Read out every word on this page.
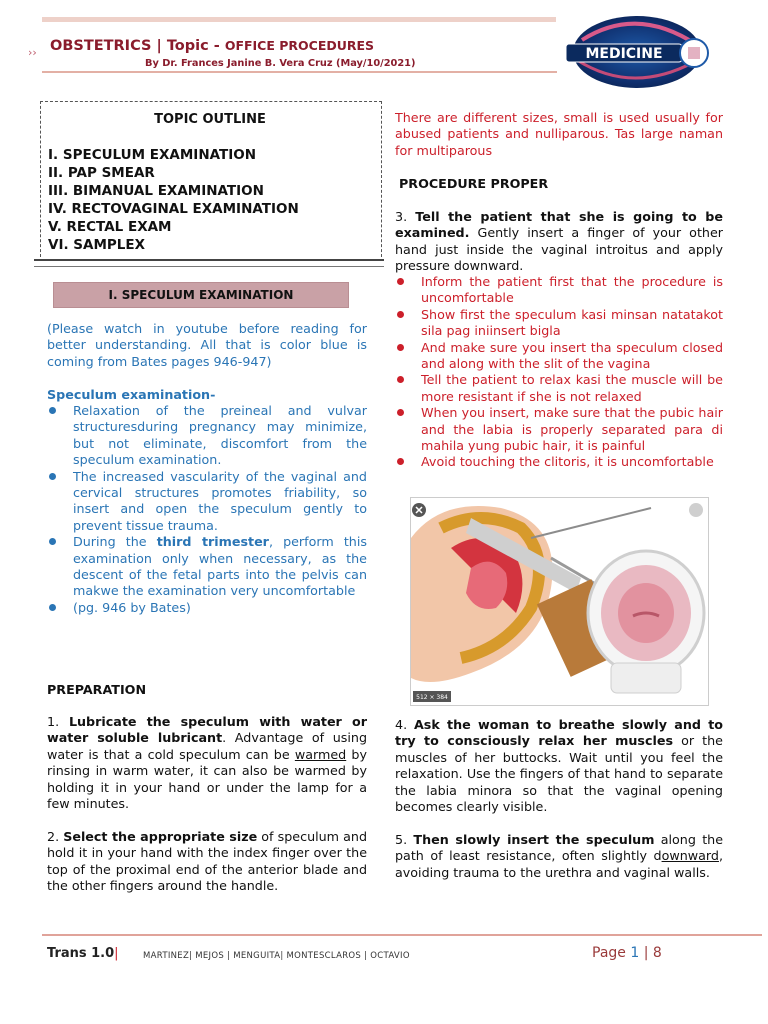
›› OBSTETRICS | Topic - OFFICE PROCEDURES
By Dr. Frances Janine B. Vera Cruz (May/10/2021)
MEDICINE
TOPIC OUTLINE
I. SPECULUM EXAMINATION
II. PAP SMEAR
III. BIMANUAL EXAMINATION
IV. RECTOVAGINAL EXAMINATION
V. RECTAL EXAM
VI. SAMPLEX
I. SPECULUM EXAMINATION
(Please watch in youtube before reading for better understanding. All that is color blue is coming from Bates pages 946-947)
Speculum examination-
Relaxation of the preineal and vulvar structuresduring pregnancy may minimize, but not eliminate, discomfort from the speculum examination.
The increased vascularity of the vaginal and cervical structures promotes friability, so insert and open the speculum gently to prevent tissue trauma.
During the third trimester, perform this examination only when necessary, as the descent of the fetal parts into the pelvis can makwe the examination very uncomfortable
(pg. 946 by Bates)
PREPARATION
1. Lubricate the speculum with water or water soluble lubricant. Advantage of using water is that a cold speculum can be warmed by rinsing in warm water, it can also be warmed by holding it in your hand or under the lamp for a few minutes.
2. Select the appropriate size of speculum and hold it in your hand with the index finger over the top of the proximal end of the anterior blade and the other fingers around the handle.
There are different sizes, small is used usually for abused patients and nulliparous. Tas large naman for multiparous
PROCEDURE PROPER
3. Tell the patient that she is going to be examined. Gently insert a finger of your other hand just inside the vaginal introitus and apply pressure downward.
Inform the patient first that the procedure is uncomfortable
Show first the speculum kasi minsan natatakot sila pag iniinsert bigla
And make sure you insert tha speculum closed and along with the slit of the vagina
Tell the patient to relax kasi the muscle will be more resistant if she is not relaxed
When you insert, make sure that the pubic hair and the labia is properly separated para di mahila yung pubic hair, it is painful
Avoid touching the clitoris, it is uncomfortable
512 × 384
4. Ask the woman to breathe slowly and to try to consciously relax her muscles or the muscles of her buttocks. Wait until you feel the relaxation. Use the fingers of that hand to separate the labia minora so that the vaginal opening becomes clearly visible.
5. Then slowly insert the speculum along the path of least resistance, often slightly downward, avoiding trauma to the urethra and vaginal walls.
Trans 1.0|	MARTINEZ| MEJOS | MENGUITA| MONTESCLAROS | OCTAVIO	Page 1 | 8
